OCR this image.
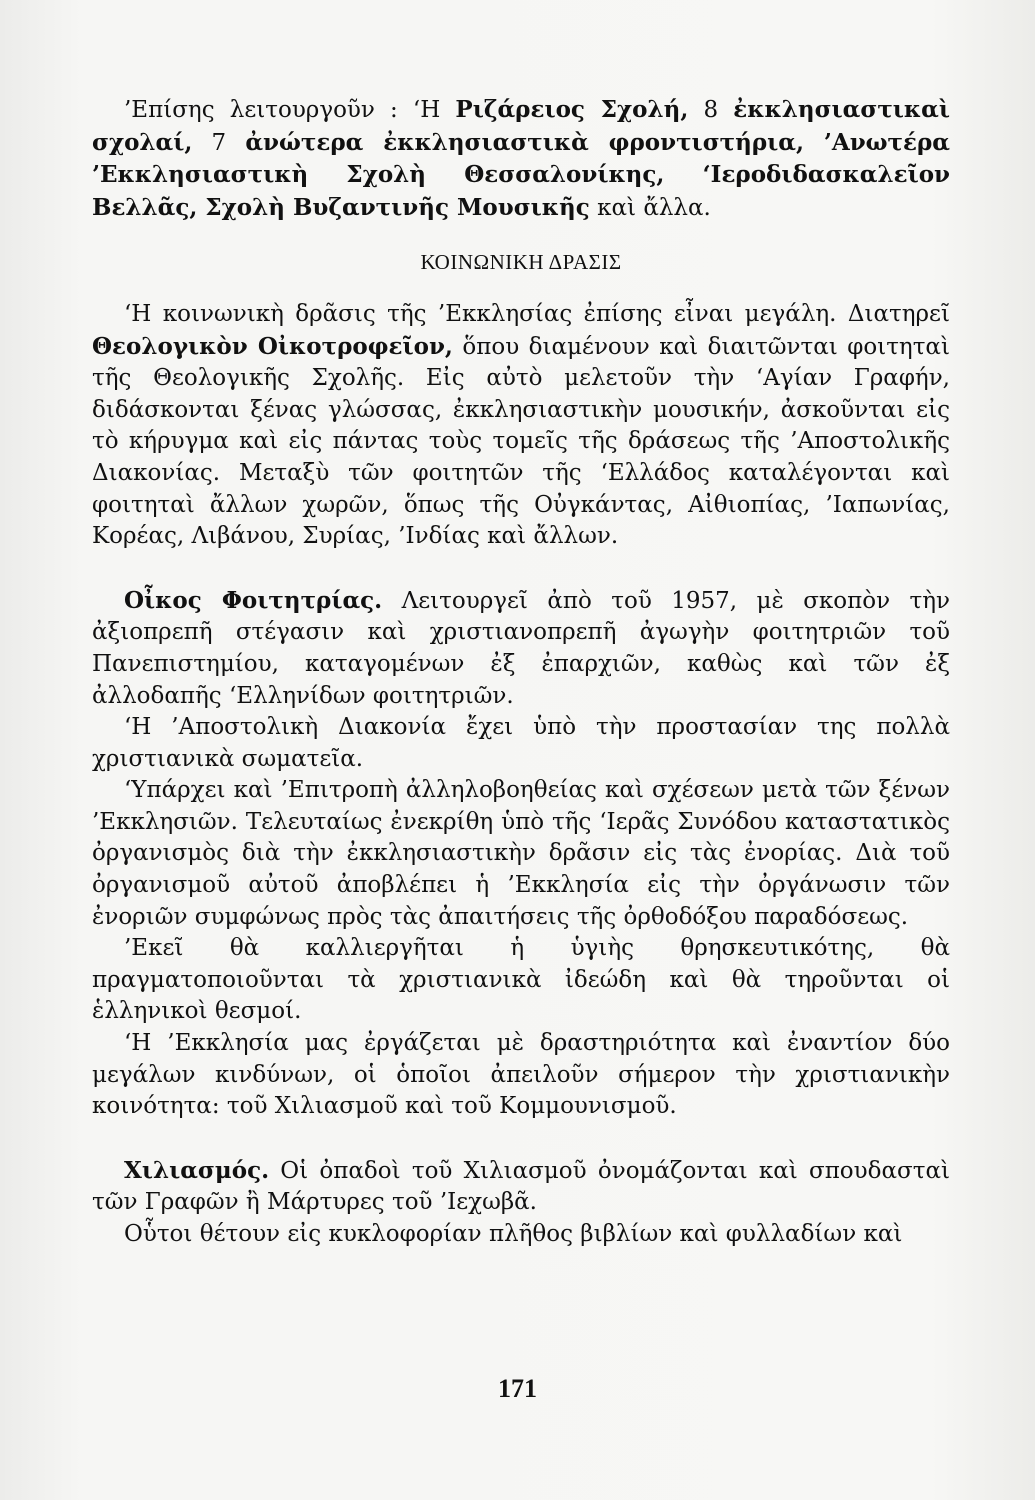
’Επίσης λειτουργοῦν : ‘Η Ριζάρειος Σχολή, 8 ἐκκλησιαστικαὶ σχολαί, 7 ἀνώτερα ἐκκλησιαστικὰ φροντιστήρια, ’Ανωτέρα ’Εκκλησιαστικὴ Σχολὴ Θεσσαλονίκης, ‘Ιεροδιδασκαλεῖον Βελλᾶς, Σχολὴ Βυζαντινῆς Μουσικῆς καὶ ἄλλα.

ΚΟΙΝΩΝΙΚΗ ΔΡΑΣΙΣ

‘Η κοινωνικὴ δρᾶσις τῆς ’Εκκλησίας ἐπίσης εἶναι μεγάλη. Διατηρεῖ Θεολογικὸν Οἰκοτροφεῖον, ὅπου διαμένουν καὶ διαιτῶνται φοιτηταὶ τῆς Θεολογικῆς Σχολῆς. Εἰς αὐτὸ μελετοῦν τὴν ‘Αγίαν Γραφήν, διδάσκονται ξένας γλώσσας, ἐκκλησιαστικὴν μουσικήν, ἀσκοῦνται εἰς τὸ κήρυγμα καὶ εἰς πάντας τοὺς τομεῖς τῆς δράσεως τῆς ’Αποστολικῆς Διακονίας. Μεταξὺ τῶν φοιτητῶν τῆς ‘Ελλάδος καταλέγονται καὶ φοιτηταὶ ἄλλων χωρῶν, ὅπως τῆς Οὐγκάντας, Αἰθιοπίας, ’Ιαπωνίας, Κορέας, Λιβάνου, Συρίας, ’Ινδίας καὶ ἄλλων.

Οἶκος Φοιτητρίας. Λειτουργεῖ ἀπὸ τοῦ 1957, μὲ σκοπὸν τὴν ἀξιοπρεπῆ στέγασιν καὶ χριστιανοπρεπῆ ἀγωγὴν φοιτητριῶν τοῦ Πανεπιστημίου, καταγομένων ἐξ ἐπαρχιῶν, καθὼς καὶ τῶν ἐξ ἀλλοδαπῆς ‘Ελληνίδων φοιτητριῶν.

‘Η ’Αποστολικὴ Διακονία ἔχει ὑπὸ τὴν προστασίαν της πολλὰ χριστιανικὰ σωματεῖα.

‘Υπάρχει καὶ ’Επιτροπὴ ἀλληλοβοηθείας καὶ σχέσεων μετὰ τῶν ξένων ’Εκκλησιῶν. Τελευταίως ἐνεκρίθη ὑπὸ τῆς ‘Ιερᾶς Συνόδου καταστατικὸς ὀργανισμὸς διὰ τὴν ἐκκλησιαστικὴν δρᾶσιν εἰς τὰς ἐνορίας. Διὰ τοῦ ὀργανισμοῦ αὐτοῦ ἀποβλέπει ἡ ’Εκκλησία εἰς τὴν ὀργάνωσιν τῶν ἐνοριῶν συμφώνως πρὸς τὰς ἀπαιτήσεις τῆς ὀρθοδόξου παραδόσεως.

’Εκεῖ θὰ καλλιεργῆται ἡ ὑγιὴς θρησκευτικότης, θὰ πραγματοποιοῦνται τὰ χριστιανικὰ ἰδεώδη καὶ θὰ τηροῦνται οἱ ἑλληνικοὶ θεσμοί.

‘Η ’Εκκλησία μας ἐργάζεται μὲ δραστηριότητα καὶ ἐναντίον δύο μεγάλων κινδύνων, οἱ ὁποῖοι ἀπειλοῦν σήμερον τὴν χριστιανικὴν κοινότητα: τοῦ Χιλιασμοῦ καὶ τοῦ Κομμουνισμοῦ.

Χιλιασμός. Οἱ ὀπαδοὶ τοῦ Χιλιασμοῦ ὀνομάζονται καὶ σπουδασταὶ τῶν Γραφῶν ἢ Μάρτυρες τοῦ ’Ιεχωβᾶ.

Οὗτοι θέτουν εἰς κυκλοφορίαν πλῆθος βιβλίων καὶ φυλλαδίων καὶ

171
